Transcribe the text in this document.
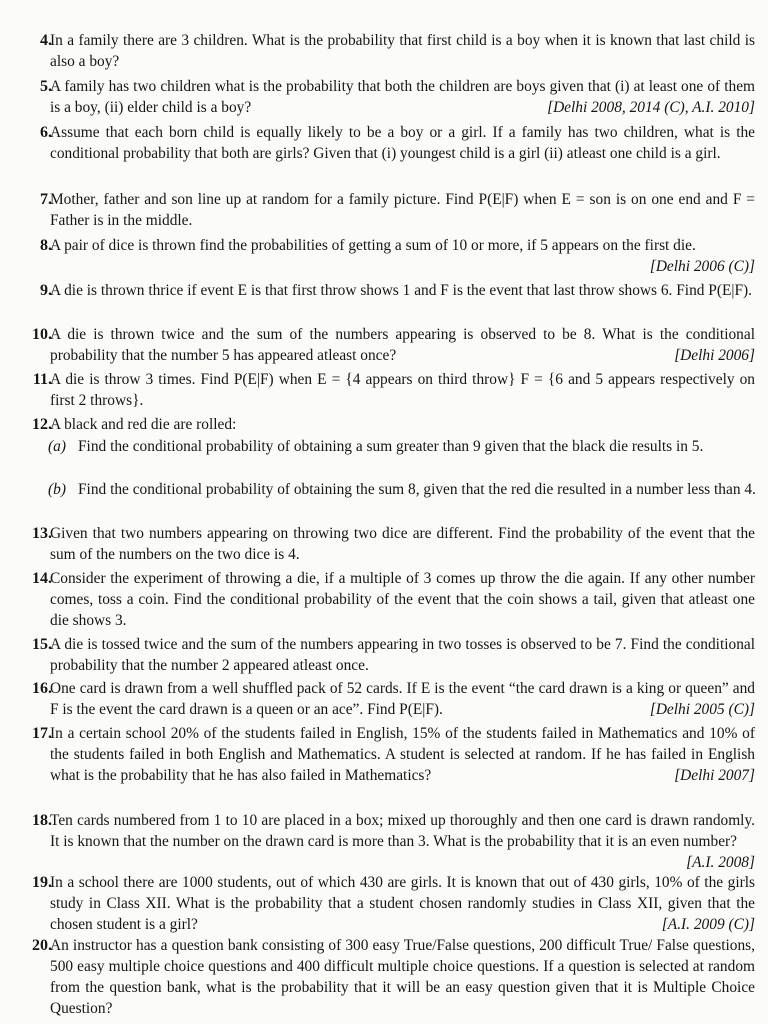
4.
In a family there are 3 children. What is the probability that first child is a boy when it is known that last child is also a boy?
5.
A family has two children what is the probability that both the children are boys given that (i) at least one of them is a boy, (ii) elder child is a boy?	[Delhi 2008, 2014 (C), A.I. 2010]
6.
Assume that each born child is equally likely to be a boy or a girl. If a family has two children, what is the conditional probability that both are girls? Given that (i) youngest child is a girl (ii) atleast one child is a girl.
7.
Mother, father and son line up at random for a family picture. Find P(E|F) when E = son is on one end and F = Father is in the middle.
8.
A pair of dice is thrown find the probabilities of getting a sum of 10 or more, if 5 appears on the first die.
[Delhi 2006 (C)]
9.
A die is thrown thrice if event E is that first throw shows 1 and F is the event that last throw shows 6. Find P(E|F).
10.
A die is thrown twice and the sum of the numbers appearing is observed to be 8. What is the conditional probability that the number 5 has appeared atleast once?	[Delhi 2006]
11.
A die is throw 3 times. Find P(E|F) when E = {4 appears on third throw} F = {6 and 5 appears respectively on first 2 throws}.
12.
A black and red die are rolled:
(a) Find the conditional probability of obtaining a sum greater than 9 given that the black die results in 5.
(b) Find the conditional probability of obtaining the sum 8, given that the red die resulted in a number less than 4.
13.
Given that two numbers appearing on throwing two dice are different. Find the probability of the event that the sum of the numbers on the two dice is 4.
14.
Consider the experiment of throwing a die, if a multiple of 3 comes up throw the die again. If any other number comes, toss a coin. Find the conditional probability of the event that the coin shows a tail, given that atleast one die shows 3.
15.
A die is tossed twice and the sum of the numbers appearing in two tosses is observed to be 7. Find the conditional probability that the number 2 appeared atleast once.
16.
One card is drawn from a well shuffled pack of 52 cards. If E is the event “the card drawn is a king or queen” and F is the event the card drawn is a queen or an ace”. Find P(E|F).	[Delhi 2005 (C)]
17.
In a certain school 20% of the students failed in English, 15% of the students failed in Mathematics and 10% of the students failed in both English and Mathematics. A student is selected at random. If he has failed in English what is the probability that he has also failed in Mathematics?	[Delhi 2007]
18.
Ten cards numbered from 1 to 10 are placed in a box; mixed up thoroughly and then one card is drawn randomly. It is known that the number on the drawn card is more than 3. What is the probability that it is an even number?
[A.I. 2008]
19.
In a school there are 1000 students, out of which 430 are girls. It is known that out of 430 girls, 10% of the girls study in Class XII. What is the probability that a student chosen randomly studies in Class XII, given that the chosen student is a girl?	[A.I. 2009 (C)]
20.
An instructor has a question bank consisting of 300 easy True/False questions, 200 difficult True/ False questions, 500 easy multiple choice questions and 400 difficult multiple choice questions. If a question is selected at random from the question bank, what is the probability that it will be an easy question given that it is Multiple Choice Question?
